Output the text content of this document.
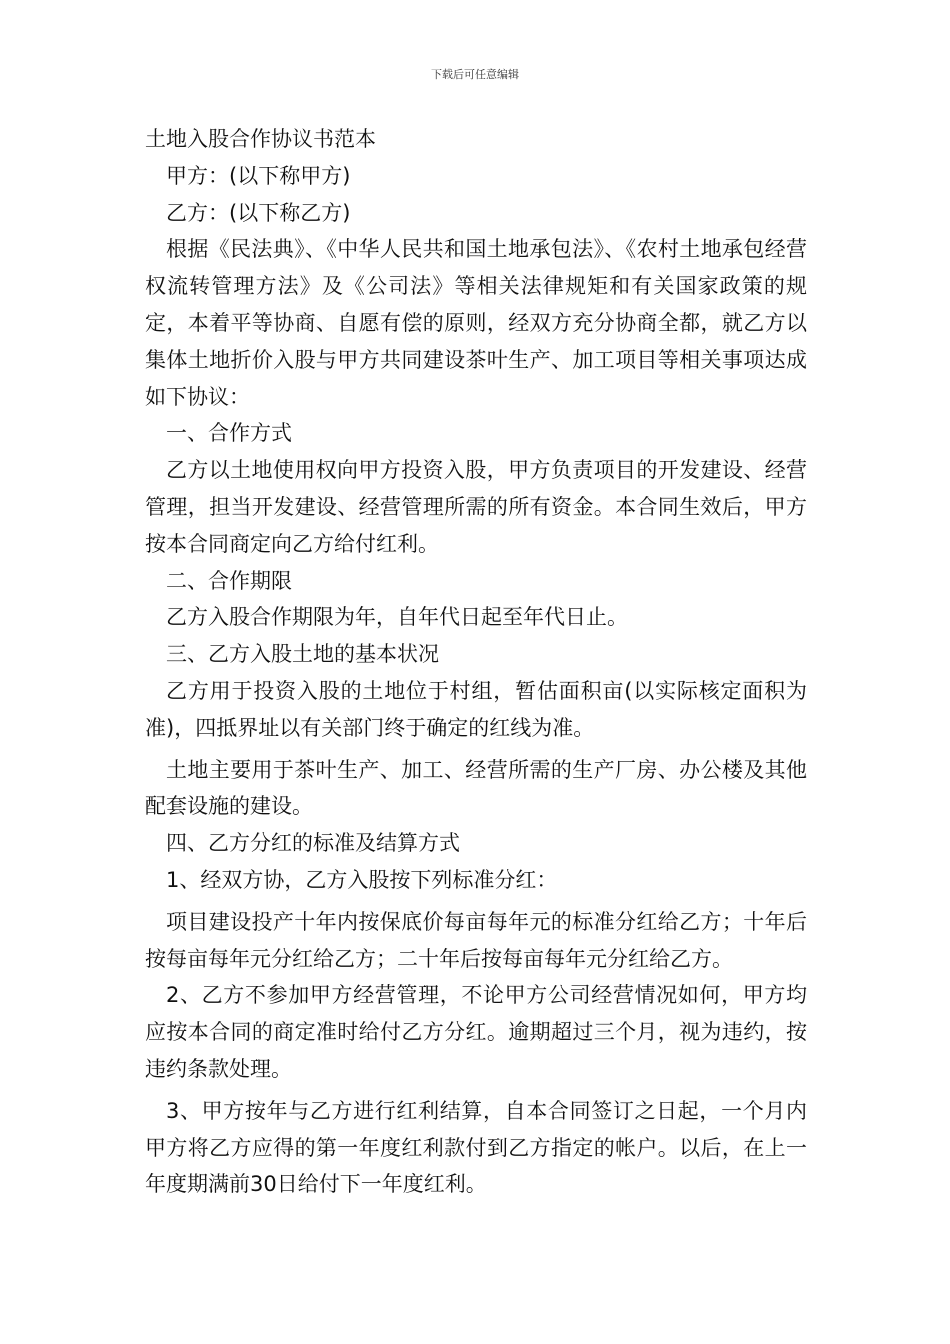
下载后可任意编辑

土地入股合作协议书范本

甲方：(以下称甲方)

乙方：(以下称乙方)

根据《民法典》、《中华人民共和国土地承包法》、《农村土地承包经营权流转管理方法》及《公司法》等相关法律规矩和有关国家政策的规定，本着平等协商、自愿有偿的原则，经双方充分协商全都，就乙方以集体土地折价入股与甲方共同建设茶叶生产、加工项目等相关事项达成如下协议：

一、合作方式

乙方以土地使用权向甲方投资入股，甲方负责项目的开发建设、经营管理，担当开发建设、经营管理所需的所有资金。本合同生效后，甲方按本合同商定向乙方给付红利。

二、合作期限

乙方入股合作期限为年，自年代日起至年代日止。

三、乙方入股土地的基本状况

乙方用于投资入股的土地位于村组，暂估面积亩(以实际核定面积为准)，四抵界址以有关部门终于确定的红线为准。

土地主要用于茶叶生产、加工、经营所需的生产厂房、办公楼及其他配套设施的建设。

四、乙方分红的标准及结算方式

1、经双方协，乙方入股按下列标准分红：

项目建设投产十年内按保底价每亩每年元的标准分红给乙方；十年后按每亩每年元分红给乙方；二十年后按每亩每年元分红给乙方。

2、乙方不参加甲方经营管理，不论甲方公司经营情况如何，甲方均应按本合同的商定准时给付乙方分红。逾期超过三个月，视为违约，按违约条款处理。

3、甲方按年与乙方进行红利结算，自本合同签订之日起，一个月内甲方将乙方应得的第一年度红利款付到乙方指定的帐户。以后，在上一年度期满前30日给付下一年度红利。
